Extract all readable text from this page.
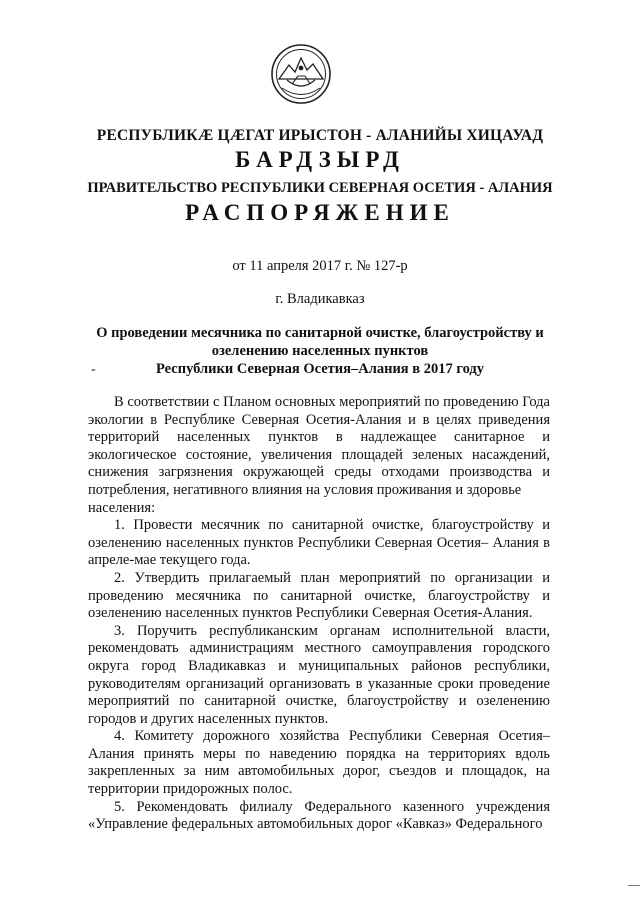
РЕСПУБЛИКÆ ЦÆГАТ ИРЫСТОН - АЛАНИЙЫ ХИЦАУАД
БАРДЗЫРД
ПРАВИТЕЛЬСТВО РЕСПУБЛИКИ СЕВЕРНАЯ ОСЕТИЯ - АЛАНИЯ
РАСПОРЯЖЕНИЕ
от 11 апреля 2017 г. № 127-р
г. Владикавказ
О проведении месячника по санитарной очистке, благоустройству и
озеленению населенных пунктов
Республики Северная Осетия–Алания в 2017 году
-

В соответствии с Планом основных мероприятий по проведению Года экологии в Республике Северная Осетия-Алания и в целях приведения территорий населенных пунктов в надлежащее санитарное и экологическое состояние, увеличения площадей зеленых насаждений, снижения загрязнения окружающей среды отходами производства и потребления, негативного влияния на условия проживания и здоровье

населения:

1. Провести месячник по санитарной очистке, благоустройству и озеленению населенных пунктов Республики Северная Осетия– Алания в апреле-мае текущего года.

2. Утвердить прилагаемый план мероприятий по организации и проведению месячника по санитарной очистке, благоустройству и озеленению населенных пунктов Республики Северная Осетия-Алания.

3. Поручить республиканским органам исполнительной власти, рекомендовать администрациям местного самоуправления городского округа город Владикавказ и муниципальных районов республики, руководителям организаций организовать в указанные сроки проведение мероприятий по санитарной очистке, благоустройству и озеленению городов и других населенных пунктов.

4. Комитету дорожного хозяйства Республики Северная Осетия–Алания принять меры по наведению порядка на территориях вдоль закрепленных за ним автомобильных дорог, съездов и площадок, на территории придорожных полос.

5. Рекомендовать филиалу Федерального казенного учреждения «Управление федеральных автомобильных дорог «Кавказ» Федерального
